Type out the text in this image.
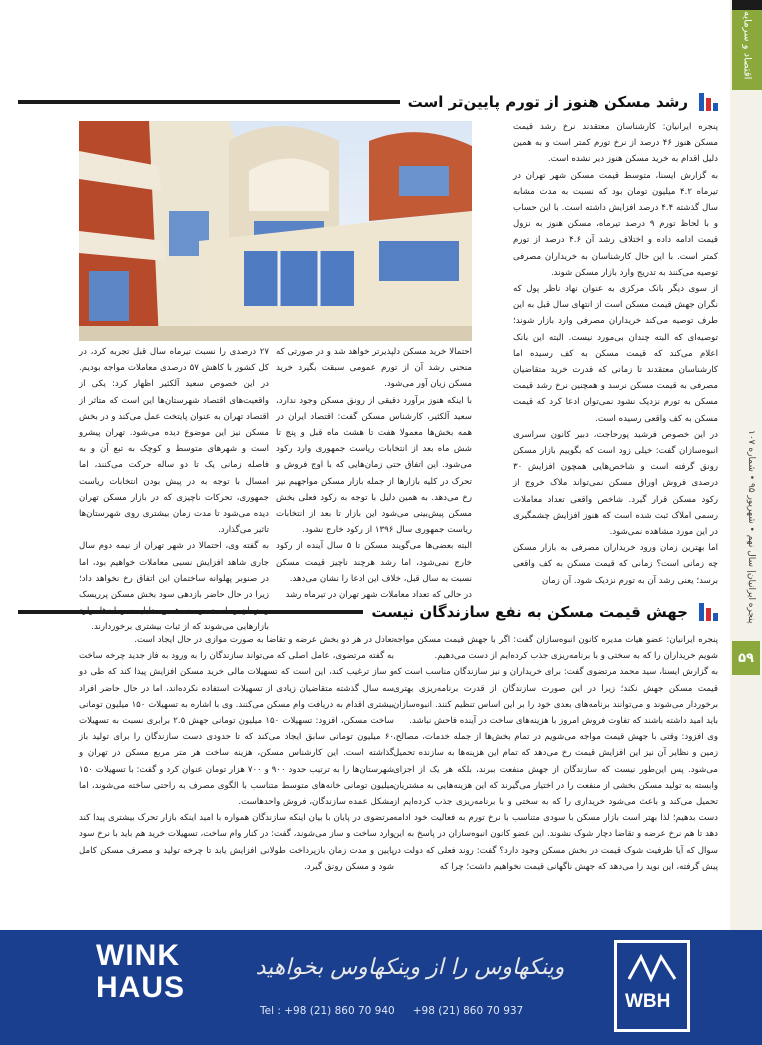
اقتصاد و سرمایه
پنجره ایرانیان| سال نهم • شهریور ۹۵ • شماره ۱۰۷
۵۹
رشد مسکن هنوز از تورم پایین‌تر است

پنجره ایرانیان: کارشناسان معتقدند نرخ رشد قیمت مسکن هنوز ۴۶ درصد از نرخ تورم کمتر است و به همین دلیل اقدام به خرید مسکن هنوز دیر نشده است.

به گزارش ایسنا، متوسط قیمت مسکن شهر تهران در تیرماه ۴.۲ میلیون تومان بود که نسبت به مدت مشابه سال گذشته ۴.۴ درصد افزایش داشته است. با این حساب و با لحاظ تورم ۹ درصد تیرماه، مسکن هنوز به نزول قیمت ادامه داده و اختلاف رشد آن ۴.۶ درصد از تورم کمتر است. با این حال کارشناسان به خریداران مصرفی توصیه می‌کنند به تدریج وارد بازار مسکن شوند.

از سوی دیگر بانک مرکزی به عنوان نهاد ناظر پول که نگران جهش قیمت مسکن است از انتهای سال قبل به این طرف توصیه می‌کند خریداران مصرفی وارد بازار شوند؛ توصیه‌ای که البته چندان بی‌مورد نیست. البته این بانک اعلام می‌کند که قیمت مسکن به کف رسیده اما کارشناسان معتقدند تا زمانی که قدرت خرید متقاضیان مصرفی به قیمت مسکن نرسد و همچنین نرخ رشد قیمت مسکن به تورم نزدیک نشود نمی‌توان ادعا کرد که قیمت مسکن به کف واقعی رسیده است.

در این خصوص فرشید پورحاجت، دبیر کانون سراسری انبوه‌سازان گفت: خیلی زود است که بگوییم بازار مسکن رونق گرفته است و شاخص‌هایی همچون افزایش ۳۰ درصدی فروش اوراق مسکن نمی‌تواند ملاک خروج از رکود مسکن قرار گیرد. شاخص واقعی تعداد معاملات رسمی املاک ثبت شده است که هنوز افزایش چشمگیری در این مورد مشاهده نمی‌شود.

اما بهترین زمان ورود خریداران مصرفی به بازار مسکن چه زمانی است؟ زمانی که قیمت مسکن به کف واقعی برسد؛ یعنی رشد آن به تورم نزدیک شود. آن زمان

احتمالا خرید مسکن دلپذیرتر خواهد شد و در صورتی که منحنی رشد آن از تورم عمومی سبقت بگیرد خرید مسکن زیان آور می‌شود.

با اینکه هنوز برآورد دقیقی از رونق مسکن وجود ندارد، سعید آلکثیر، کارشناس مسکن گفت: اقتصاد ایران در همه بخش‌ها معمولا هفت تا هشت ماه قبل و پنج تا شش ماه بعد از انتخابات ریاست جمهوری وارد رکود می‌شود. این اتفاق حتی زمان‌هایی که با اوج فروش و تحرک در کلیه بازارها از جمله بازار مسکن مواجهیم نیز رخ می‌دهد. به همین دلیل با توجه به رکود فعلی بخش مسکن پیش‌بینی می‌شود این بازار تا بعد از انتخابات ریاست جمهوری سال ۱۳۹۶ از رکود خارج نشود.

البته بعضی‌ها می‌گویند مسکن تا ۵ سال آینده از رکود خارج نمی‌شود، اما رشد هرچند ناچیز قیمت مسکن نسبت به سال قبل، خلاف این ادعا را نشان می‌دهد.

در حالی که تعداد معاملات شهر تهران در تیرماه رشد

۲۷ درصدی را نسبت تیرماه سال قبل تجربه کرد، در کل کشور با کاهش ۵۷ درصدی معاملات مواجه بودیم. در این خصوص سعید آلکثیر اظهار کرد: یکی از واقعیت‌های اقتصاد شهرستان‌ها این است که متاثر از اقتصاد تهران به عنوان پایتخت عمل می‌کند و در بخش مسکن نیز این موضوع دیده می‌شود. تهران پیشرو است و شهرهای متوسط و کوچک به تبع آن و به فاصله زمانی یک تا دو ساله حرکت می‌کنند، اما امسال با توجه به در پیش بودن انتخابات ریاست جمهوری، تحرکات ناچیزی که در بازار مسکن تهران دیده می‌شود تا مدت زمان بیشتری روی شهرستان‌ها تاثیر می‌گذارد.

به گفته وی، احتمالا در شهر تهران از نیمه دوم سال جاری شاهد افزایش نسبی معاملات خواهیم بود، اما در صنوبر پهلوانه ساختمان این اتفاق رخ نخواهد داد؛ زیرا در حال حاضر بازدهی سود بخش مسکن پرریسک بازارهایی می‌شوند که از ثبات بیشتری برخوردارند.

جهش قیمت مسکن به نفع سازندگان نیست

پنجره ایرانیان: عضو هیات مدیره کانون انبوه‌سازان گفت: اگر با جهش قیمت مسکن مواجه شویم خریداران را که به سختی و با برنامه‌ریزی جذب کرده‌ایم از دست می‌دهیم.

به گزارش ایسنا، سید محمد مرتضوی گفت: برای خریداران و نیز سازندگان مناسب است که قیمت مسکن جهش نکند؛ زیرا در این صورت سازندگان از قدرت برنامه‌ریزی بهتری برخوردار می‌شوند و می‌توانند برنامه‌های بعدی خود را بر این اساس تنظیم کنند. انبوه‌سازان باید امید داشته باشند که تفاوت فروش امروز با هزینه‌های ساخت در آینده فاحش نباشد.

وی افزود: وقتی با جهش قیمت مواجه می‌شویم در تمام بخش‌ها از جمله خدمات، مصالح، زمین و نظایر آن نیز این افزایش قیمت رخ می‌دهد که تمام این هزینه‌ها به سازنده تحمیل می‌شود. پس این‌طور نیست که سازندگان از جهش منفعت ببرند، بلکه هر یک از اجزای وابسته به تولید مسکن بخشی از منفعت را در اختیار می‌گیرند که این هزینه‌هایی به مشتریان تحمیل می‌کند و باعث می‌شود خریداری را که به سختی و با برنامه‌ریزی جذب کرده‌ایم از دست بدهیم؛ لذا بهتر است بازار مسکن با سودی متناسب با نرخ تورم به فعالیت خود ادامه دهد تا هم نرخ عرضه و تقاضا دچار شوک نشوند. این عضو کانون انبوه‌سازان در پاسخ به این سوال که آیا ظرفیت شوک قیمت در بخش مسکن وجود دارد؟ گفت: روند فعلی که دولت در پیش گرفته، این نوید را می‌دهد که جهش ناگهانی قیمت نخواهیم داشت؛ چرا که

تعادل در هر دو بخش عرضه و تقاضا به صورت موازی در حال ایجاد است.

به گفته مرتضوی، عامل اصلی که می‌تواند سازندگان را به ورود به فاز جدید چرخه ساخت و ساز ترغیب کند، این است که تسهیلات مالی خرید مسکن افزایش پیدا کند که طی دو سه سال گذشته متقاضیان زیادی از تسهیلات استفاده نکرده‌اند، اما در حال حاضر افراد بیشتری اقدام به دریافت وام مسکن می‌کنند. وی با اشاره به تسهیلات ۱۵۰ میلیون تومانی ساخت مسکن، افزود: تسهیلات ۱۵۰ میلیون تومانی جهش ۲.۵ برابری نسبت به تسهیلات ۶۰ میلیون تومانی سابق ایجاد می‌کند که تا حدودی دست سازندگان را برای تولید باز گذاشته است. این کارشناس مسکن، هزینه ساخت هر متر مربع مسکن در تهران و شهرستان‌ها را به ترتیب حدود ۹۰۰ و ۷۰۰ هزار تومان عنوان کرد و گفت: با تسهیلات ۱۵۰ میلیون تومانی خانه‌های متوسط متناسب با الگوی مصرف به راحتی ساخته می‌شوند، اما مشکل عمده سازندگان، فروش واحدهاست.

مرتضوی در پایان با بیان اینکه سازندگان همواره با امید اینکه بازار تحرک بیشتری پیدا کند وارد ساخت و ساز می‌شوند، گفت: در کنار وام ساخت، تسهیلات خرید هم باید با نرخ سود پایین و مدت زمان بازپرداخت طولانی افزایش یابد تا چرخه تولید و مصرف مسکن کامل شود و مسکن رونق گیرد.

WINK
HAUS
وینکهاوس را از وینکهاوس بخواهید
Tel : +98 (21) 860 70 940 +98 (21) 860 70 937	WBH
